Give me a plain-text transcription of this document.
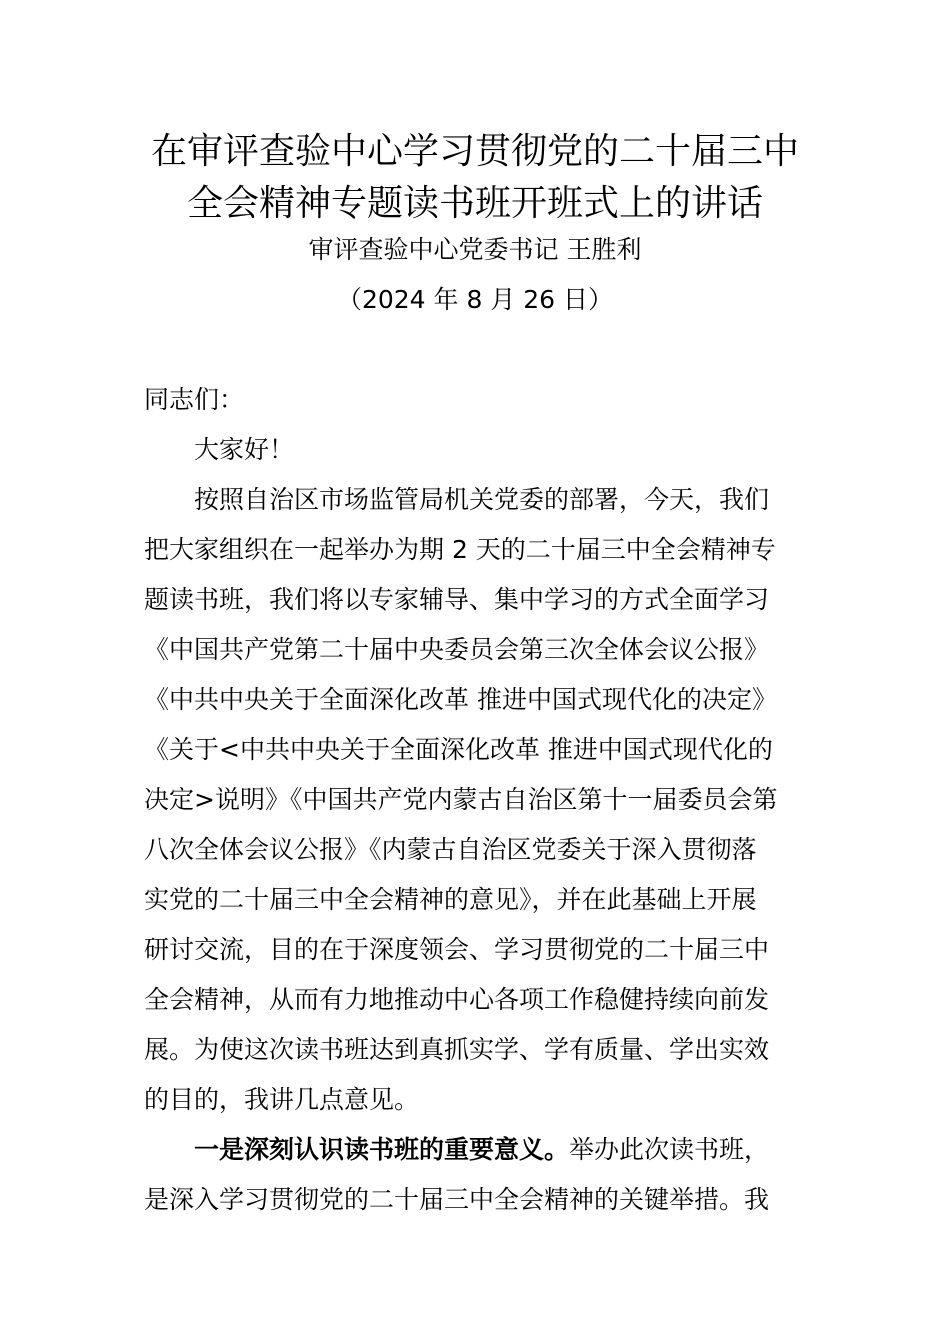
在审评查验中心学习贯彻党的二十届三中
全会精神专题读书班开班式上的讲话
审评查验中心党委书记 王胜利
（2024 年 8 月 26 日）
同志们：
大家好！
按照自治区市场监管局机关党委的部署，今天，我们
把大家组织在一起举办为期 2 天的二十届三中全会精神专
题读书班，我们将以专家辅导、集中学习的方式全面学习
《中国共产党第二十届中央委员会第三次全体会议公报》
《中共中央关于全面深化改革 推进中国式现代化的决定》
《关于<中共中央关于全面深化改革 推进中国式现代化的
决定>说明》《中国共产党内蒙古自治区第十一届委员会第
八次全体会议公报》《内蒙古自治区党委关于深入贯彻落
实党的二十届三中全会精神的意见》，并在此基础上开展
研讨交流，目的在于深度领会、学习贯彻党的二十届三中
全会精神，从而有力地推动中心各项工作稳健持续向前发
展。为使这次读书班达到真抓实学、学有质量、学出实效
的目的，我讲几点意见。
一是深刻认识读书班的重要意义。举办此次读书班，
是深入学习贯彻党的二十届三中全会精神的关键举措。我
